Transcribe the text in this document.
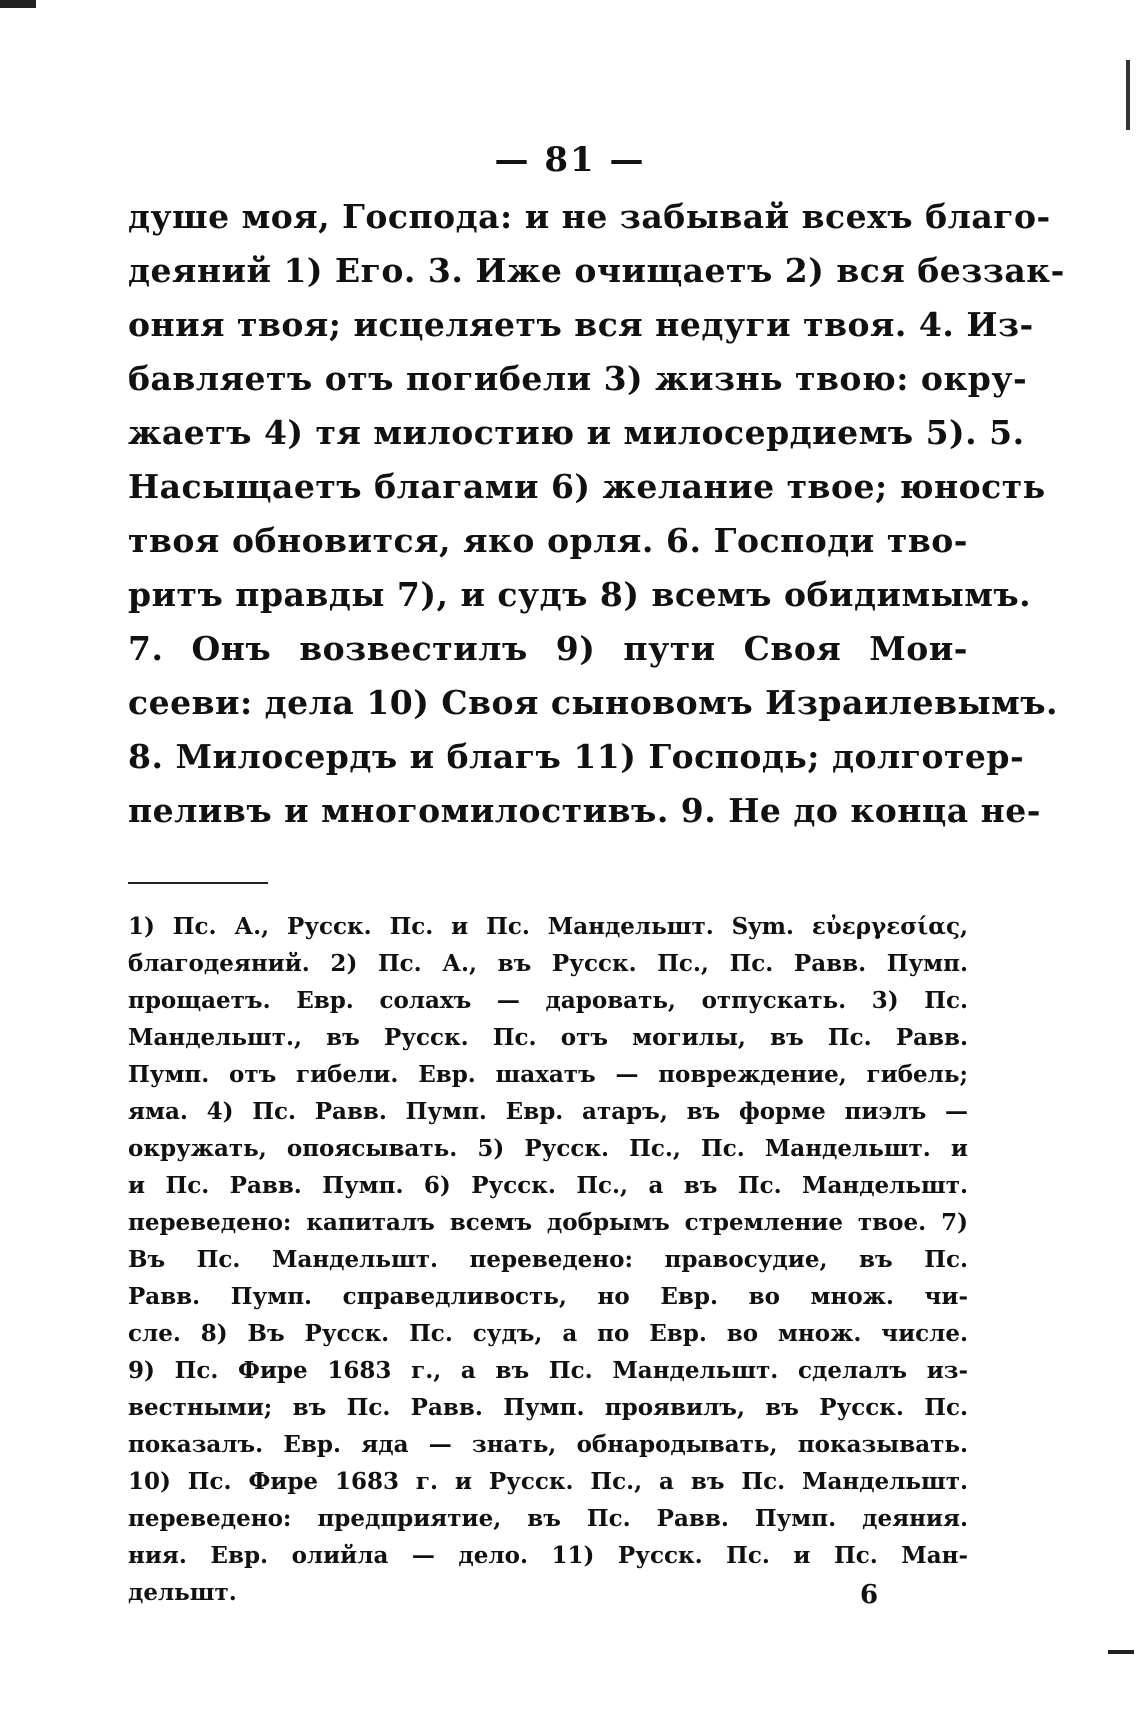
— 81 —
душе моя, Господа: и не забывай всехъ благо-
деяний 1) Его. 3. Иже очищаетъ 2) вся беззак-
ония твоя; исцеляетъ вся недуги твоя. 4. Из-
бавляетъ отъ погибели 3) жизнь твою: окру-
жаетъ 4) тя милостию и милосердиемъ 5). 5.
Насыщаетъ благами 6) желание твое; юность
твоя обновится, яко орля. 6. Господи тво-
ритъ правды 7), и судъ 8) всемъ обидимымъ.
7. Онъ возвестилъ 9) пути Своя Мои-
сееви: дела 10) Своя сыновомъ Израилевымъ.
8. Милосердъ и благъ 11) Господь; долготер-
пеливъ и многомилостивъ. 9. Не до конца не-
1) Пс. А., Русск. Пс. и Пс. Мандельшт. Sym. εὐεργεσίας,
благодеяний. 2) Пс. А., въ Русск. Пс., Пс. Равв. Пумп.
прощаетъ. Евр. солахъ — даровать, отпускать. 3) Пс.
Мандельшт., въ Русск. Пс. отъ могилы, въ Пс. Равв.
Пумп. отъ гибели. Евр. шахатъ — повреждение, гибель;
яма. 4) Пс. Равв. Пумп. Евр. атаръ, въ форме пиэлъ —
окружать, опоясывать. 5) Русск. Пс., Пс. Мандельшт. и
и Пс. Равв. Пумп. 6) Русск. Пс., а въ Пс. Мандельшт.
переведено: капиталъ всемъ добрымъ стремление твое. 7)
Въ Пс. Мандельшт. переведено: правосудие, въ Пс.
Равв. Пумп. справедливость, но Евр. во множ. чи-
сле. 8) Въ Русск. Пс. судъ, а по Евр. во множ. числе.
9) Пс. Фире 1683 г., а въ Пс. Мандельшт. сделалъ из-
вестными; въ Пс. Равв. Пумп. проявилъ, въ Русск. Пс.
показалъ. Евр. яда — знать, обнародывать, показывать.
10) Пс. Фире 1683 г. и Русск. Пс., а въ Пс. Мандельшт.
переведено: предприятие, въ Пс. Равв. Пумп. деяния.
ния. Евр. олийла — дело. 11) Русск. Пс. и Пс. Ман-
дельшт.	6
